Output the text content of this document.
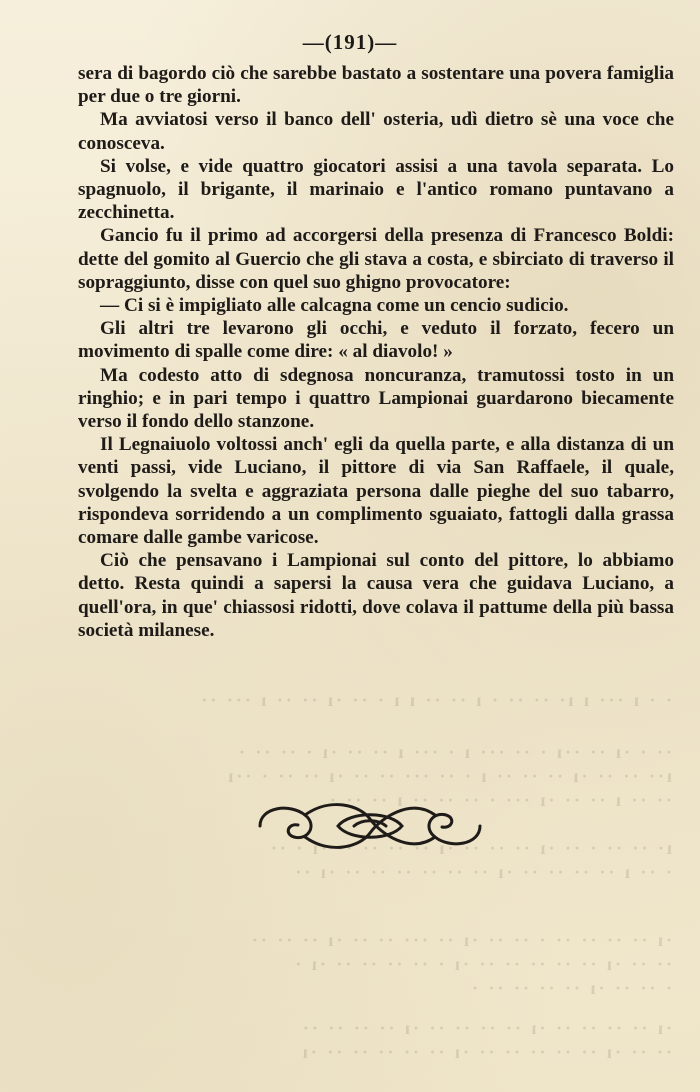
· · ı ··· ı ı· ·· ·· · ı ·· ·· ı ı · ·· ·ı ·· ·· ı ··· ··
·· · ·ı ·· ··ı · ·· ··· ı · ··· ı ·· ·· ·ı · ·· ·· ·
ı·· ·· ·· ·ı ·· ·· ·· ı · ·· ··· ·· ·· ·ı ·· ·· · ··ı
·· ·· ı ·· ·· ·ı ··· · ·· ·· ·· ı ·· ·· ·
ı· ·· ·· · ·· ·ı ·· ·· ·· ·ı ·· ·· ·· ·· ·ı · ··
· ·· ı ·· ·· ·· ·· ·ı ·· ·· ·· ·· ·· ·· ·ı ··
·ı ·· ·· ·· ·· · ·· ·· ·ı ·· ··· ·· ·· ·ı ·· ·· ··
·· ·· ·ı ·· ·· ·· ·· ·· ·ı · ·· ·· ·· ·· ·ı ·
· ·· ·· ·ı ·· ·· ·· ·· ·
·ı ·· ·· ·· ·· ·ı ·· ·· ·· ·· ·ı ·· ·· ·· ··
·· ·· ·ı ·· ·· ·· ·· ·· ·ı ·· ·· ·· ·· ·· ·ı
—(191)—

sera di bagordo ciò che sarebbe bastato a sostentare una povera famiglia per due o tre giorni.

Ma avviatosi verso il banco dell' osteria, udì dietro sè una voce che conosceva.

Si volse, e vide quattro giocatori assisi a una tavola separata. Lo spagnuolo, il brigante, il marinaio e l'antico romano puntavano a zecchinetta.

Gancio fu il primo ad accorgersi della presenza di Francesco Boldi: dette del gomito al Guercio che gli stava a costa, e sbirciato di traverso il sopraggiunto, disse con quel suo ghigno provocatore:

— Ci si è impigliato alle calcagna come un cencio sudicio.

Gli altri tre levarono gli occhi, e veduto il forzato, fecero un movimento di spalle come dire: « al diavolo! »

Ma codesto atto di sdegnosa noncuranza, tramutossi tosto in un ringhio; e in pari tempo i quattro Lampionai guardarono biecamente verso il fondo dello stanzone.

Il Legnaiuolo voltossi anch' egli da quella parte, e alla distanza di un venti passi, vide Luciano, il pittore di via San Raffaele, il quale, svolgendo la svelta e aggraziata persona dalle pieghe del suo tabarro, rispondeva sorridendo a un complimento sguaiato, fattogli dalla grassa comare dalle gambe varicose.

Ciò che pensavano i Lampionai sul conto del pittore, lo abbiamo detto. Resta quindi a sapersi la causa vera che guidava Luciano, a quell'ora, in que' chiassosi ridotti, dove colava il pattume della più bassa società milanese.
